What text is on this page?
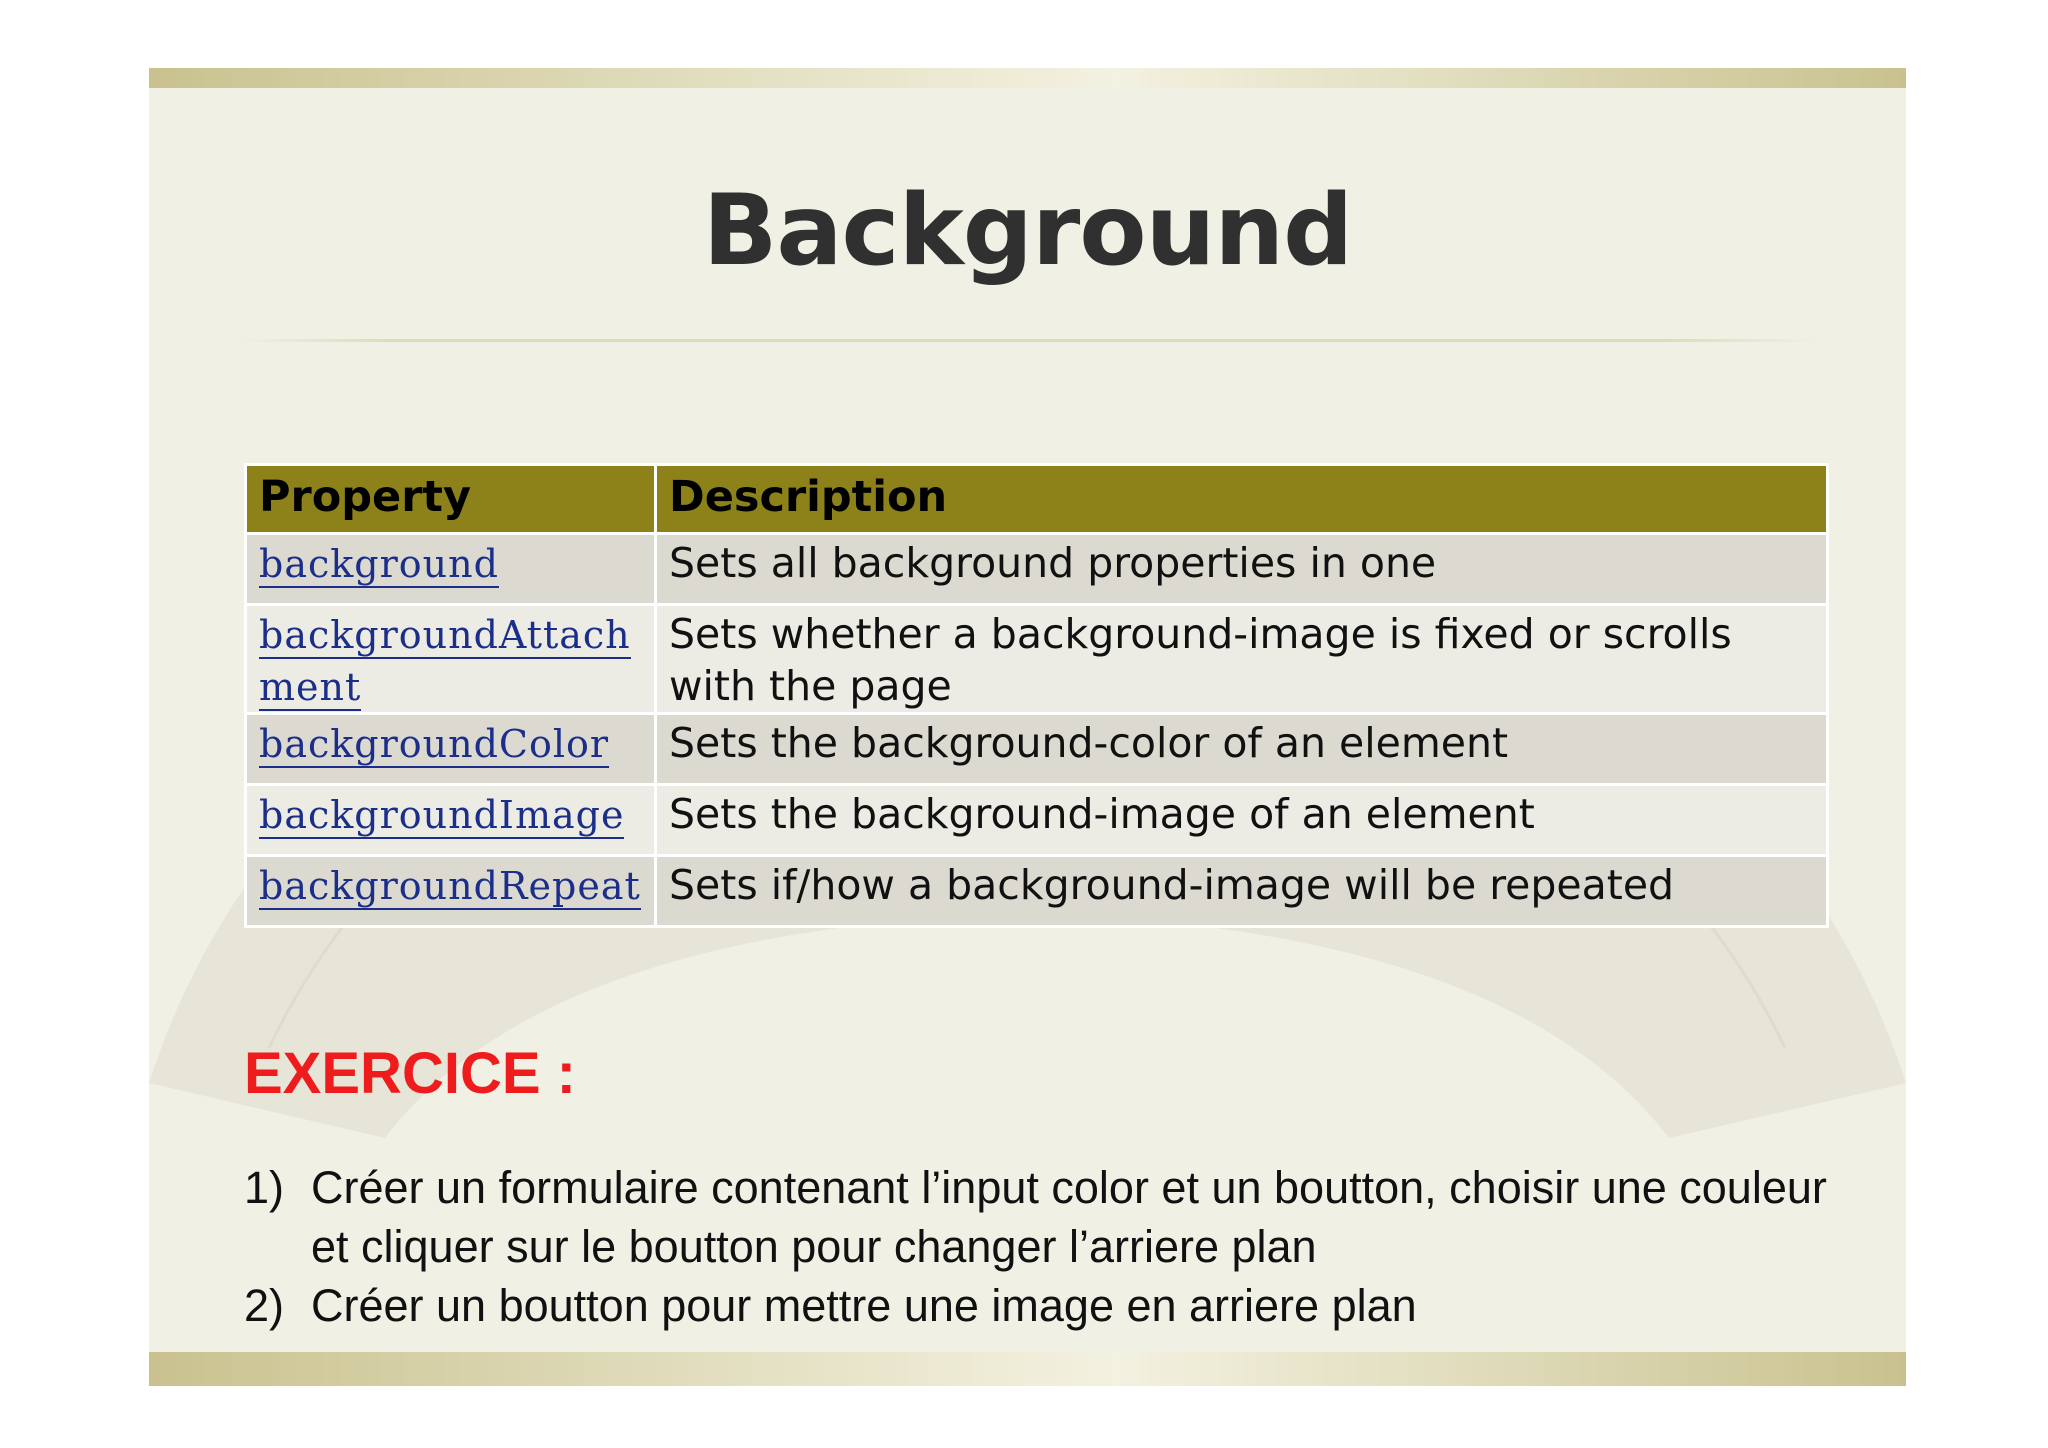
Background
Property	Description
background	Sets all background properties in one
backgroundAttachment	Sets whether a background-image is fixed or scrolls with the page
backgroundColor	Sets the background-color of an element
backgroundImage	Sets the background-image of an element
backgroundRepeat	Sets if/how a background-image will be repeated
EXERCICE :
1) Créer un formulaire contenant l’input color et un boutton, choisir une couleur et cliquer sur le boutton pour changer l’arriere plan
2) Créer un boutton pour mettre une image en arriere plan
